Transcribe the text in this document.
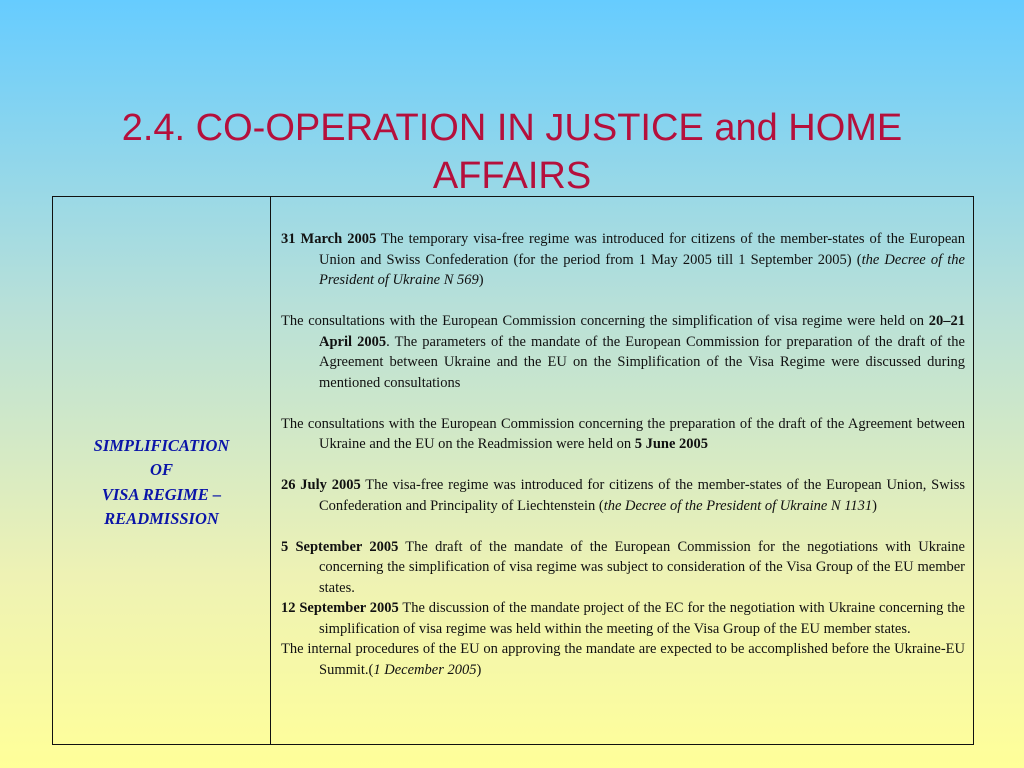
2.4. CO-OPERATION IN JUSTICE and HOME AFFAIRS
SIMPLIFICATION
OF
VISA REGIME –
READMISSION

31 March 2005 The temporary visa-free regime was introduced for citizens of the member-states of the European Union and Swiss Confederation (for the period from 1 May 2005 till 1 September 2005) (the Decree of the President of Ukraine N 569)

The consultations with the European Commission concerning the simplification of visa regime were held on 20–21 April 2005. The parameters of the mandate of the European Commission for preparation of the draft of the Agreement between Ukraine and the EU on the Simplification of the Visa Regime were discussed during mentioned consultations

The consultations with the European Commission concerning the preparation of the draft of the Agreement between Ukraine and the EU on the Readmission were held on 5 June 2005

26 July 2005 The visa-free regime was introduced for citizens of the member-states of the European Union, Swiss Confederation and Principality of Liechtenstein (the Decree of the President of Ukraine N 1131)

5 September 2005 The draft of the mandate of the European Commission for the negotiations with Ukraine concerning the simplification of visa regime was subject to consideration of the Visa Group of the EU member states.

12 September 2005 The discussion of the mandate project of the EC for the negotiation with Ukraine concerning the simplification of visa regime was held within the meeting of the Visa Group of the EU member states.

The internal procedures of the EU on approving the mandate are expected to be accomplished before the Ukraine-EU Summit.(1 December 2005)
